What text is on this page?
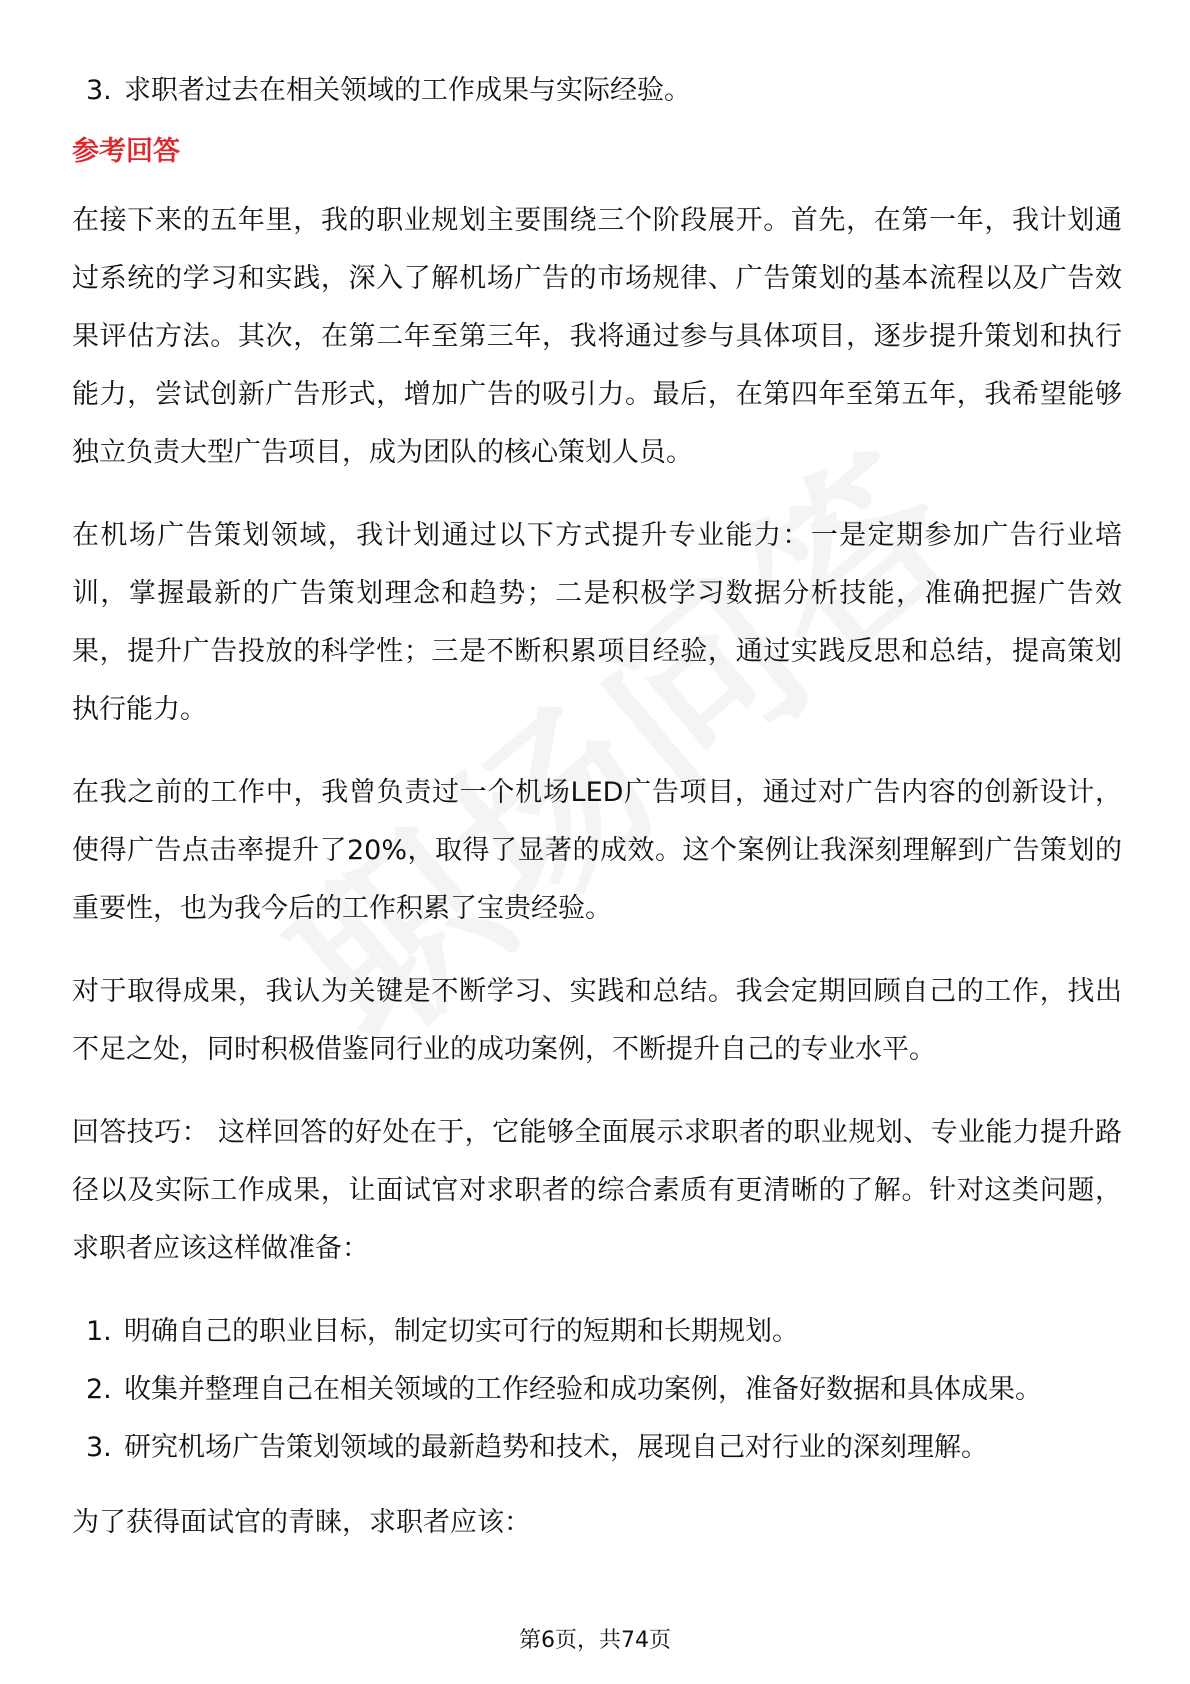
3. 求职者过去在相关领域的工作成果与实际经验。
参考回答

在接下来的五年里，我的职业规划主要围绕三个阶段展开。首先，在第一年，我计划通过系统的学习和实践，深入了解机场广告的市场规律、广告策划的基本流程以及广告效果评估方法。其次，在第二年至第三年，我将通过参与具体项目，逐步提升策划和执行能力，尝试创新广告形式，增加广告的吸引力。最后，在第四年至第五年，我希望能够独立负责大型广告项目，成为团队的核心策划人员。

在机场广告策划领域，我计划通过以下方式提升专业能力：一是定期参加广告行业培训，掌握最新的广告策划理念和趋势；二是积极学习数据分析技能，准确把握广告效果，提升广告投放的科学性；三是不断积累项目经验，通过实践反思和总结，提高策划执行能力。

在我之前的工作中，我曾负责过一个机场LED广告项目，通过对广告内容的创新设计，使得广告点击率提升了20%，取得了显著的成效。这个案例让我深刻理解到广告策划的重要性，也为我今后的工作积累了宝贵经验。

对于取得成果，我认为关键是不断学习、实践和总结。我会定期回顾自己的工作，找出不足之处，同时积极借鉴同行业的成功案例，不断提升自己的专业水平。

回答技巧： 这样回答的好处在于，它能够全面展示求职者的职业规划、专业能力提升路径以及实际工作成果，让面试官对求职者的综合素质有更清晰的了解。针对这类问题，求职者应该这样做准备：

1. 明确自己的职业目标，制定切实可行的短期和长期规划。
2. 收集并整理自己在相关领域的工作经验和成功案例，准备好数据和具体成果。
3. 研究机场广告策划领域的最新趋势和技术，展现自己对行业的深刻理解。

为了获得面试官的青睐，求职者应该：

第6页，共74页
